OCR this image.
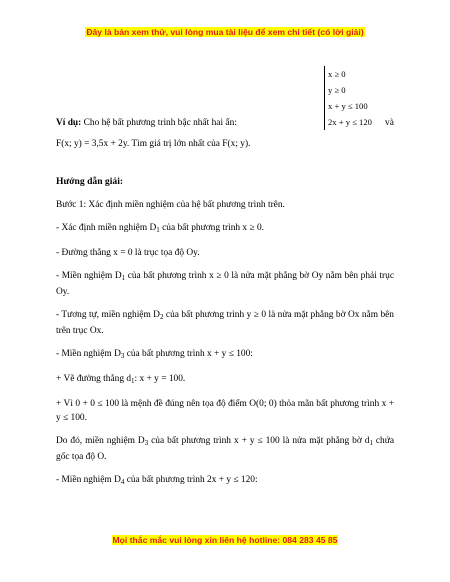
Đây là bản xem thử, vui lòng mua tài liệu để xem chi tiết (có lời giải)
x ≥ 0
y ≥ 0
x + y ≤ 100
2x + y ≤ 120
Ví dụ: Cho hệ bất phương trình bậc nhất hai ẩn:	và
F(x; y) = 3,5x + 2y. Tìm giá trị lớn nhất của F(x; y).
Hướng dẫn giải:

Bước 1: Xác định miền nghiệm của hệ bất phương trình trên.

- Xác định miền nghiệm $D_1$ của bất phương trình x ≥ 0.

- Đường thẳng x = 0 là trục tọa độ Oy.

- Miền nghiệm $D_1$ của bất phương trình x ≥ 0 là nửa mặt phẳng bờ Oy nằm bên phải trục Oy.

- Tương tự, miền nghiệm $D_2$ của bất phương trình y ≥ 0 là nửa mặt phẳng bờ Ox nằm bên trên trục Ox.

- Miền nghiệm $D_3$ của bất phương trình x + y ≤ 100:

+ Vẽ đường thẳng $d_1$: x + y = 100.

+ Vì 0 + 0 ≤ 100 là mệnh đề đúng nên tọa độ điểm O(0; 0) thỏa mãn bất phương trình x + y ≤ 100.

Do đó, miền nghiệm $D_3$ của bất phương trình x + y ≤ 100 là nửa mặt phẳng bờ $d_1$ chứa gốc tọa độ O.

- Miền nghiệm $D_4$ của bất phương trình 2x + y ≤ 120:

Mọi thắc mắc vui lòng xin liên hệ hotline: 084 283 45 85
